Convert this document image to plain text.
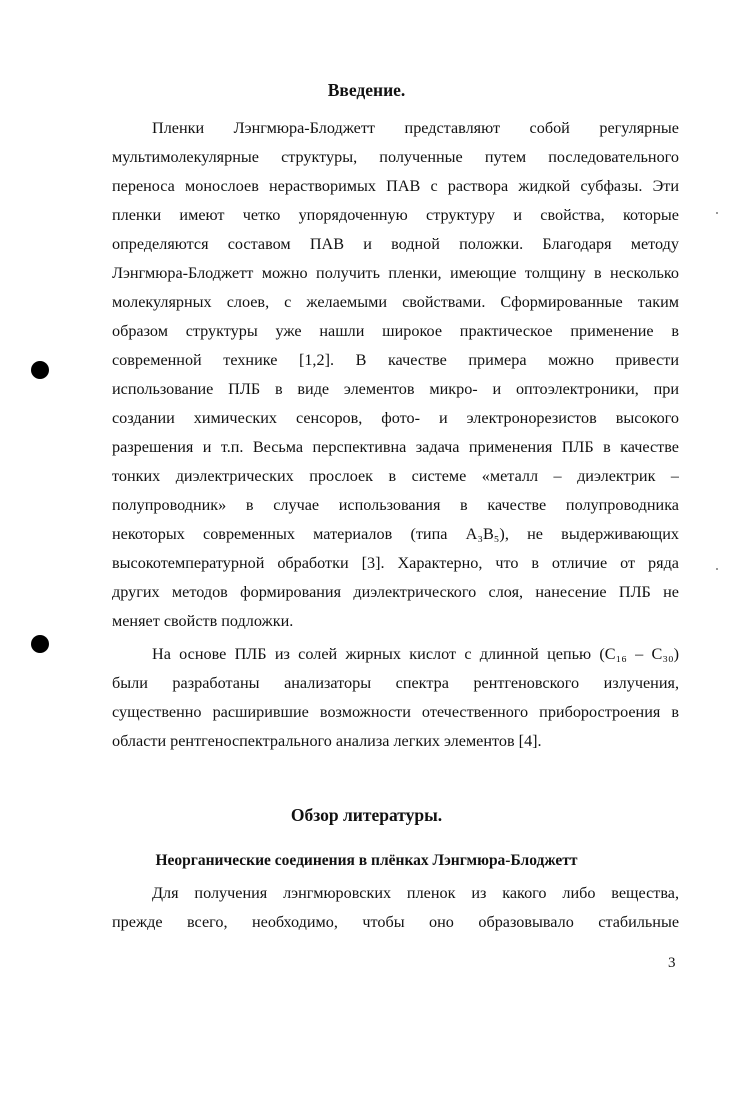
Введение.
Пленки Лэнгмюра-Блоджетт представляют собой регулярные
мультимолекулярные структуры, полученные путем последовательного
переноса монослоев нерастворимых ПАВ с раствора жидкой субфазы. Эти
пленки имеют четко упорядоченную структуру и свойства, которые
определяются составом ПАВ и водной положки. Благодаря методу
Лэнгмюра-Блоджетт можно получить пленки, имеющие толщину в несколько
молекулярных слоев, с желаемыми свойствами. Сформированные таким
образом структуры уже нашли широкое практическое применение в
современной технике [1,2]. В качестве примера можно привести
использование ПЛБ в виде элементов микро- и оптоэлектроники, при
создании химических сенсоров, фото- и электронорезистов высокого
разрешения и т.п. Весьма перспективна задача применения ПЛБ в качестве
тонких диэлектрических прослоек в системе «металл – диэлектрик –
полупроводник» в случае использования в качестве полупроводника
некоторых современных материалов (типа A₃B₅), не выдерживающих
высокотемпературной обработки [3]. Характерно, что в отличие от ряда
других методов формирования диэлектрического слоя, нанесение ПЛБ не
меняет свойств подложки.
На основе ПЛБ из солей жирных кислот с длинной цепью (C₁₆ – C₃₀)
были разработаны анализаторы спектра рентгеновского излучения,
существенно расширившие возможности отечественного приборостроения в
области рентгеноспектрального анализа легких элементов [4].
Обзор литературы.
Неорганические соединения в плёнках Лэнгмюра-Блоджетт
Для получения лэнгмюровских пленок из какого либо вещества,
прежде всего, необходимо, чтобы оно образовывало стабильные
3
